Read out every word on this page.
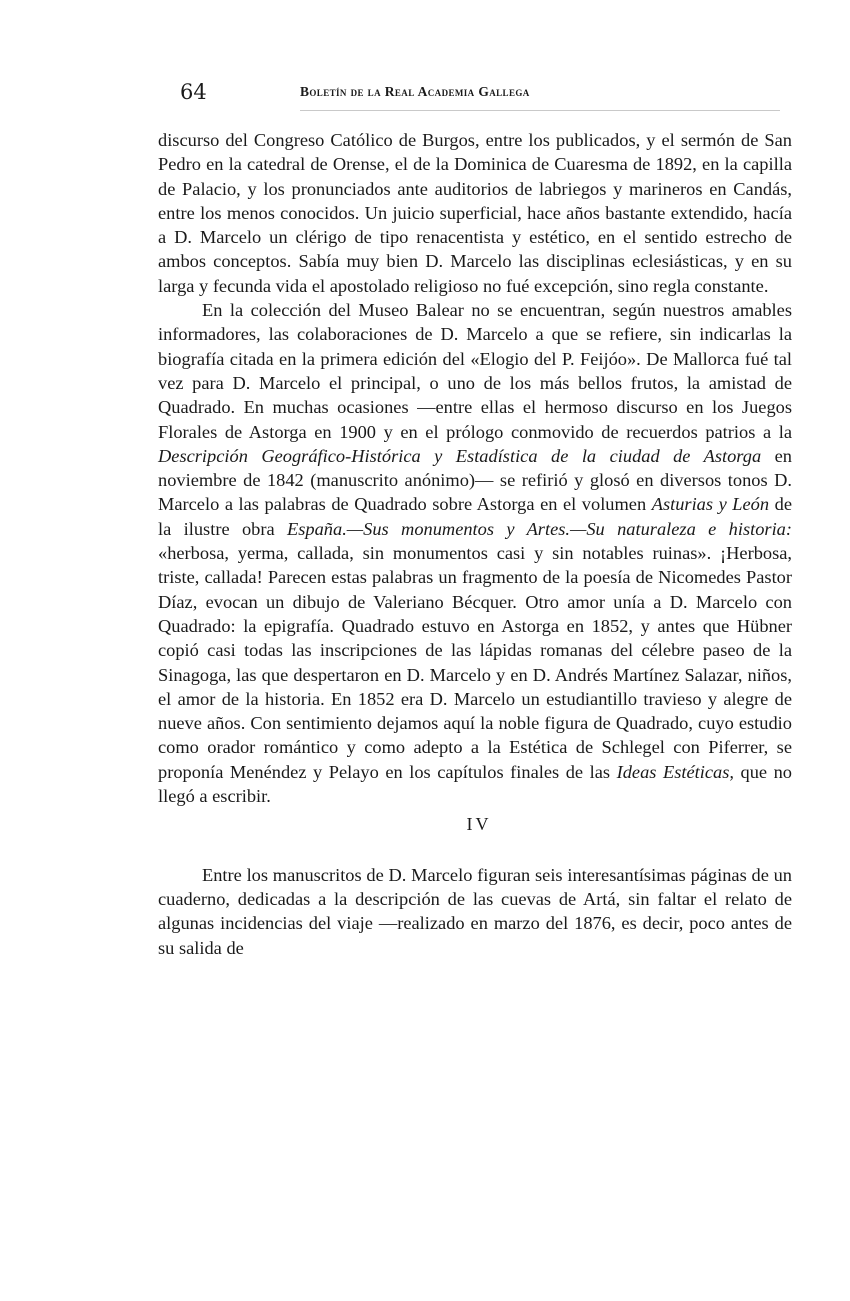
64	Boletín de la Real Academia Gallega

discurso del Congreso Católico de Burgos, entre los publicados, y el sermón de San Pedro en la catedral de Orense, el de la Dominica de Cuaresma de 1892, en la capilla de Palacio, y los pronunciados ante auditorios de labriegos y marineros en Candás, entre los menos conocidos. Un juicio superficial, hace años bastante extendido, hacía a D. Marcelo un clérigo de tipo renacentista y estético, en el sentido estrecho de ambos conceptos. Sabía muy bien D. Marcelo las disciplinas eclesiásticas, y en su larga y fecunda vida el apostolado religioso no fué excepción, sino regla constante.

En la colección del Museo Balear no se encuentran, según nuestros amables informadores, las colaboraciones de D. Marcelo a que se refiere, sin indicarlas la biografía citada en la primera edición del «Elogio del P. Feijóo». De Mallorca fué tal vez para D. Marcelo el principal, o uno de los más bellos frutos, la amistad de Quadrado. En muchas ocasiones —entre ellas el hermoso discurso en los Juegos Florales de Astorga en 1900 y en el prólogo conmovido de recuerdos patrios a la Descripción Geográfico-Histórica y Estadística de la ciudad de Astorga en noviembre de 1842 (manuscrito anónimo)— se refirió y glosó en diversos tonos D. Marcelo a las palabras de Quadrado sobre Astorga en el volumen Asturias y León de la ilustre obra España.—Sus monumentos y Artes.—Su naturaleza e historia: «herbosa, yerma, callada, sin monumentos casi y sin notables ruinas». ¡Herbosa, triste, callada! Parecen estas palabras un fragmento de la poesía de Nicomedes Pastor Díaz, evocan un dibujo de Valeriano Bécquer. Otro amor unía a D. Marcelo con Quadrado: la epigrafía. Quadrado estuvo en Astorga en 1852, y antes que Hübner copió casi todas las inscripciones de las lápidas romanas del célebre paseo de la Sinagoga, las que despertaron en D. Marcelo y en D. Andrés Martínez Salazar, niños, el amor de la historia. En 1852 era D. Marcelo un estudiantillo travieso y alegre de nueve años. Con sentimiento dejamos aquí la noble figura de Quadrado, cuyo estudio como orador romántico y como adepto a la Estética de Schlegel con Piferrer, se proponía Menéndez y Pelayo en los capítulos finales de las Ideas Estéticas, que no llegó a escribir.

IV

Entre los manuscritos de D. Marcelo figuran seis interesantísimas páginas de un cuaderno, dedicadas a la descripción de las cuevas de Artá, sin faltar el relato de algunas incidencias del viaje —realizado en marzo del 1876, es decir, poco antes de su salida de
